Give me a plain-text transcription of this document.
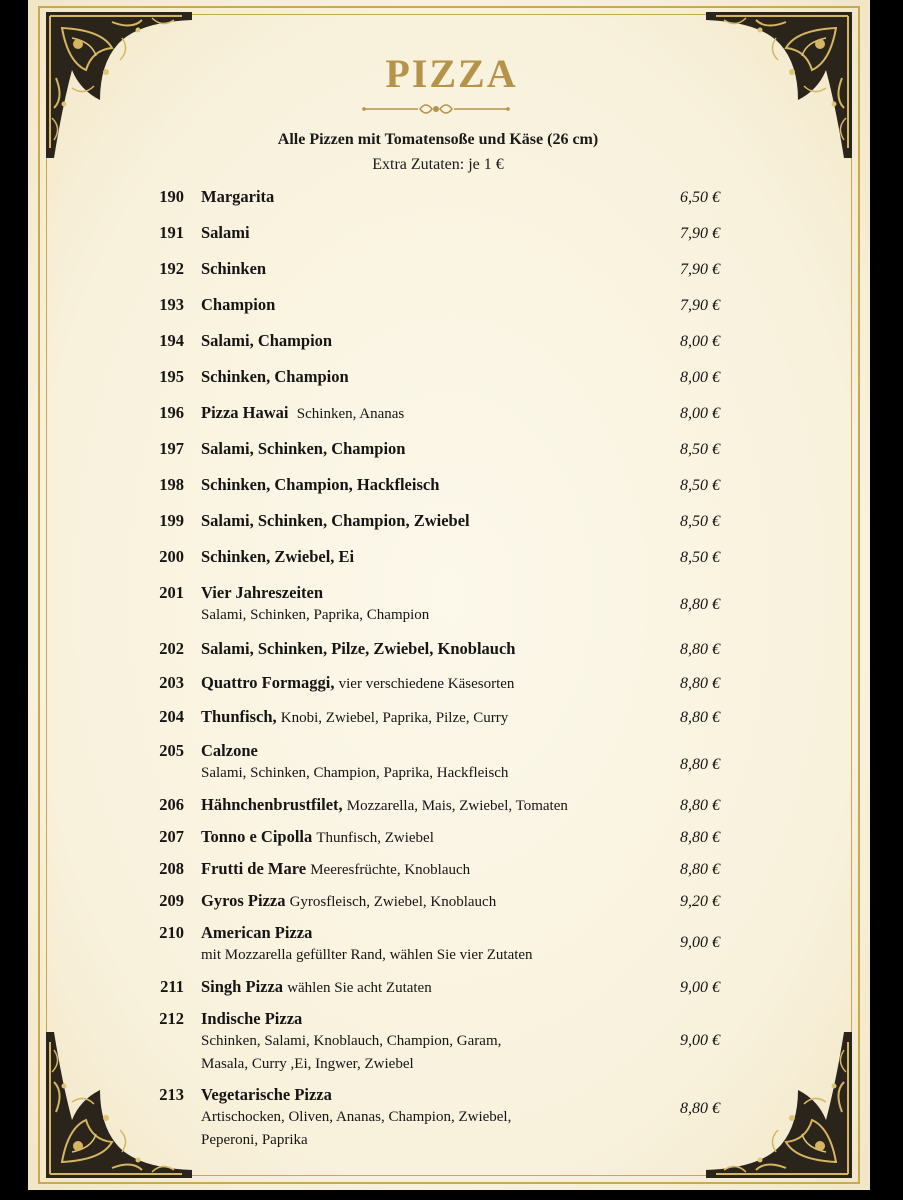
PIZZA
Alle Pizzen mit Tomatensoße und Käse (26 cm)
Extra Zutaten: je 1 €
190 Margarita	6,50 €
191 Salami	7,90 €
192 Schinken	7,90 €
193 Champion	7,90 €
194 Salami, Champion	8,00 €
195 Schinken, Champion	8,00 €
196 Pizza Hawai Schinken, Ananas	8,00 €
197 Salami, Schinken, Champion	8,50 €
198 Schinken, Champion, Hackfleisch	8,50 €
199 Salami, Schinken, Champion, Zwiebel	8,50 €
200 Schinken, Zwiebel, Ei	8,50 €
201 Vier Jahreszeiten
Salami, Schinken, Paprika, Champion
8,80 €
202 Salami, Schinken, Pilze, Zwiebel, Knoblauch	8,80 €
203 Quattro Formaggi, vier verschiedene Käsesorten	8,80 €
204 Thunfisch, Knobi, Zwiebel, Paprika, Pilze, Curry	8,80 €
205 Calzone
Salami, Schinken, Champion, Paprika, Hackfleisch	8,80 €
206 Hähnchenbrustfilet, Mozzarella, Mais, Zwiebel, Tomaten	8,80 €
207 Tonno e Cipolla Thunfisch, Zwiebel	8,80 €
208 Frutti de Mare Meeresfrüchte, Knoblauch	8,80 €
209 Gyros Pizza Gyrosfleisch, Zwiebel, Knoblauch	9,20 €
210 American Pizza
mit Mozzarella gefüllter Rand, wählen Sie vier Zutaten
9,00 €
211 Singh Pizza wählen Sie acht Zutaten	9,00 €
212 Indische Pizza
Schinken, Salami, Knoblauch, Champion, Garam,
Masala, Curry ,Ei, Ingwer, Zwiebel
9,00 €
213 Vegetarische Pizza
Artischocken, Oliven, Ananas, Champion, Zwiebel,
Peperoni, Paprika
8,80 €
